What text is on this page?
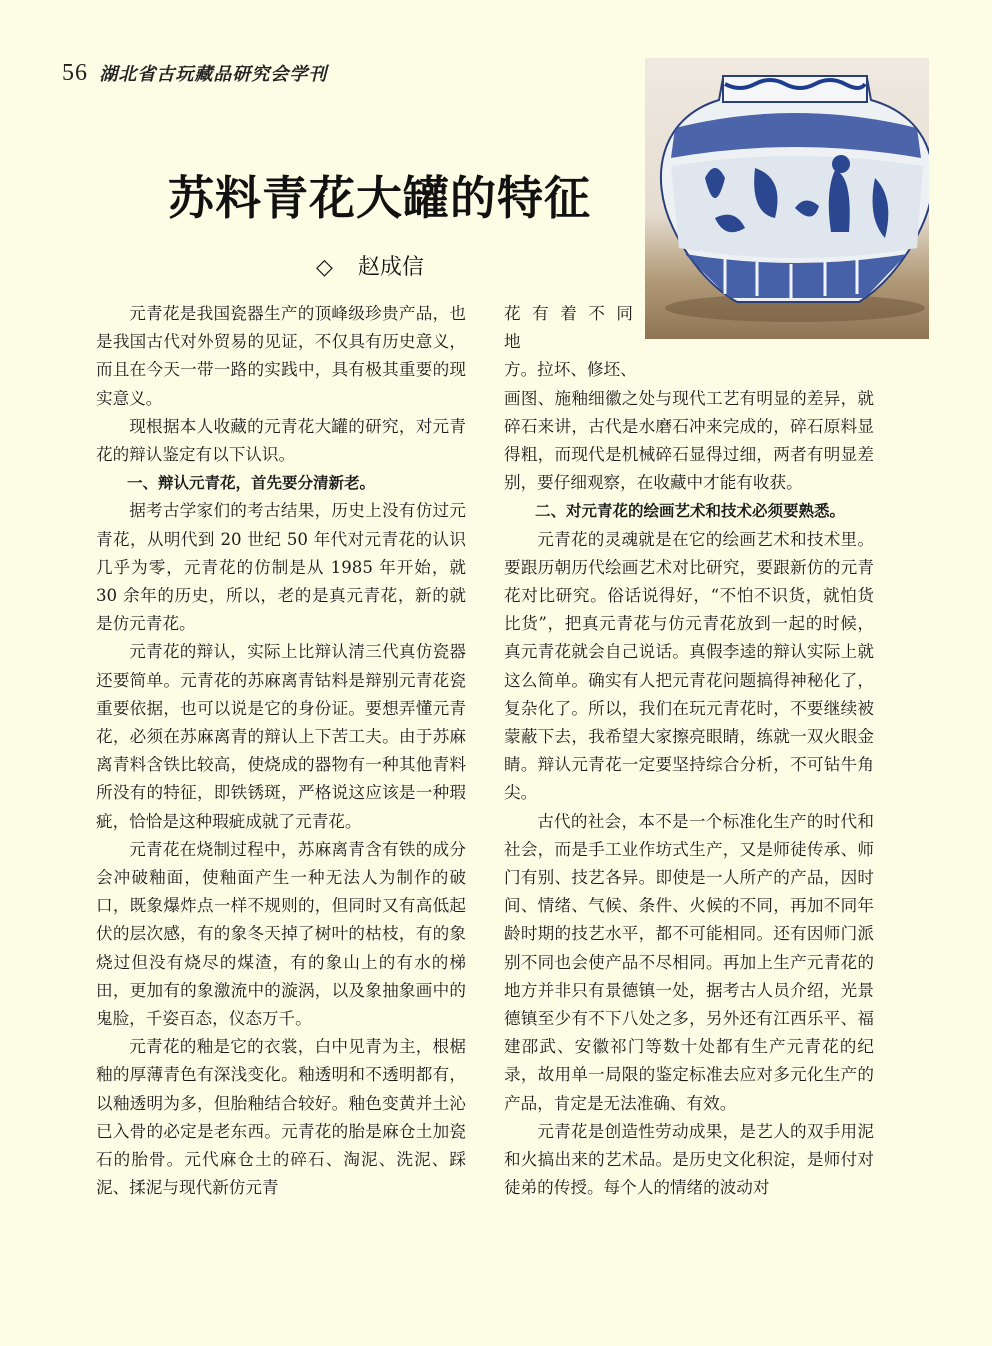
56 湖北省古玩藏品研究会学刊
苏料青花大罐的特征
◇ 赵成信

元青花是我国瓷器生产的顶峰级珍贵产品，也是我国古代对外贸易的见证，不仅具有历史意义，而且在今天一带一路的实践中，具有极其重要的现实意义。

现根据本人收藏的元青花大罐的研究，对元青花的辩认鉴定有以下认识。

一、辩认元青花，首先要分清新老。

据考古学家们的考古结果，历史上没有仿过元青花，从明代到 20 世纪 50 年代对元青花的认识几乎为零，元青花的仿制是从 1985 年开始，就 30 余年的历史，所以，老的是真元青花，新的就是仿元青花。

元青花的辩认，实际上比辩认清三代真仿瓷器还要简单。元青花的苏麻离青钴料是辩别元青花瓷重要依据，也可以说是它的身份证。要想弄懂元青花，必须在苏麻离青的辩认上下苦工夫。由于苏麻离青料含铁比较高，使烧成的器物有一种其他青料所没有的特征，即铁锈斑，严格说这应该是一种瑕疵，恰恰是这种瑕疵成就了元青花。

元青花在烧制过程中，苏麻离青含有铁的成分会冲破釉面，使釉面产生一种无法人为制作的破口，既象爆炸点一样不规则的，但同时又有高低起伏的层次感，有的象冬天掉了树叶的枯枝，有的象烧过但没有烧尽的煤渣，有的象山上的有水的梯田，更加有的象激流中的漩涡，以及象抽象画中的鬼脸，千姿百态，仪态万千。

元青花的釉是它的衣裳，白中见青为主，根椐釉的厚薄青色有深浅变化。釉透明和不透明都有，以釉透明为多，但胎釉结合较好。釉色变黄并土沁已入骨的必定是老东西。元青花的胎是麻仓土加瓷石的胎骨。元代麻仓土的碎石、淘泥、洗泥、踩泥、揉泥与现代新仿元青

花有着不同地

方。拉坏、修坯、

画图、施釉细徽之处与现代工艺有明显的差异，就碎石来讲，古代是水磨石冲来完成的，碎石原料显得粗，而现代是机械碎石显得过细，两者有明显差别，要仔细观察，在收藏中才能有收获。

二、对元青花的绘画艺术和技术必须要熟悉。

元青花的灵魂就是在它的绘画艺术和技术里。要跟历朝历代绘画艺术对比研究，要跟新仿的元青花对比研究。俗话说得好，“不怕不识货，就怕货比货”，把真元青花与仿元青花放到一起的时候，真元青花就会自己说话。真假李逵的辩认实际上就这么简单。确实有人把元青花问题搞得神秘化了，复杂化了。所以，我们在玩元青花时，不要继续被蒙蔽下去，我希望大家擦亮眼睛，练就一双火眼金睛。辩认元青花一定要坚持综合分析，不可钻牛角尖。

古代的社会，本不是一个标准化生产的时代和社会，而是手工业作坊式生产，又是师徒传承、师门有别、技艺各异。即使是一人所产的产品，因时间、情绪、气候、条件、火候的不同，再加不同年龄时期的技艺水平，都不可能相同。还有因师门派别不同也会使产品不尽相同。再加上生产元青花的地方并非只有景德镇一处，据考古人员介绍，光景德镇至少有不下八处之多，另外还有江西乐平、福建邵武、安徽祁门等数十处都有生产元青花的纪录，故用单一局限的鉴定标准去应对多元化生产的产品，肯定是无法准确、有效。

元青花是创造性劳动成果，是艺人的双手用泥和火搞出来的艺术品。是历史文化积淀，是师付对徒弟的传授。每个人的情绪的波动对
